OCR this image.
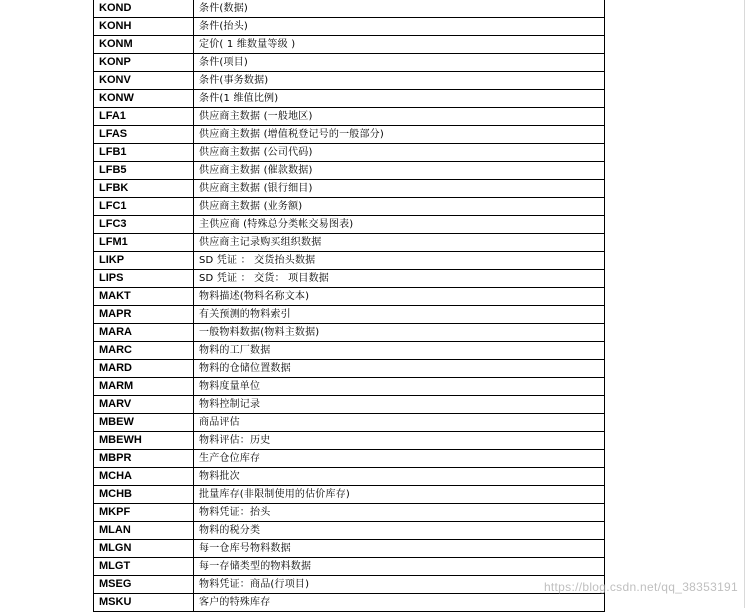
KOND	条件(数据)
KONH	条件(抬头)
KONM	定价( 1 维数量等级 )
KONP	条件(项目)
KONV	条件(事务数据)
KONW	条件(1 维值比例)
LFA1	供应商主数据 (一般地区)
LFAS	供应商主数据 (增值税登记号的一般部分)
LFB1	供应商主数据 (公司代码)
LFB5	供应商主数据 (催款数据)
LFBK	供应商主数据 (银行细目)
LFC1	供应商主数据 (业务额)
LFC3	主供应商 (特殊总分类帐交易图表)
LFM1	供应商主记录购买组织数据
LIKP	SD 凭证 ： 交货抬头数据
LIPS	SD 凭证 ： 交货： 项目数据
MAKT	物料描述(物料名称文本)
MAPR	有关预测的物料索引
MARA	一般物料数据(物料主数据)
MARC	物料的工厂数据
MARD	物料的仓储位置数据
MARM	物料度量单位
MARV	物料控制记录
MBEW	商品评估
MBEWH	物料评估：历史
MBPR	生产仓位库存
MCHA	物料批次
MCHB	批量库存(非限制使用的估价库存)
MKPF	物料凭证：抬头
MLAN	物料的税分类
MLGN	每一仓库号物料数据
MLGT	每一存储类型的物料数据
MSEG	物料凭证：商品(行项目)
MSKU	客户的特殊库存
https://blog.csdn.net/qq_38353191
